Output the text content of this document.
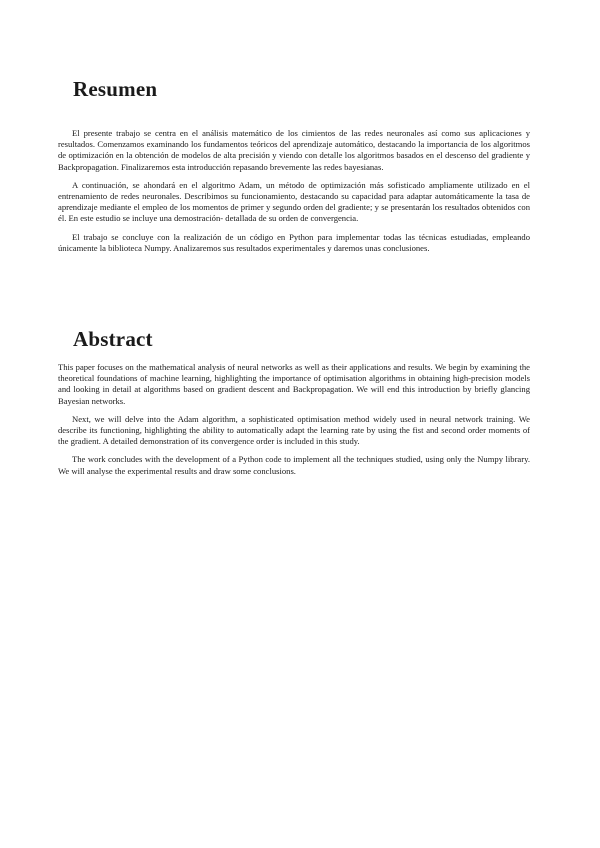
Resumen

El presente trabajo se centra en el análisis matemático de los cimientos de las redes neuronales así como sus aplicaciones y resultados. Comenzamos examinando los fundamentos teóricos del aprendizaje automático, destacando la importancia de los algoritmos de optimización en la obtención de modelos de alta precisión y viendo con detalle los algoritmos basados en el descenso del gradiente y Backpropagation. Finalizaremos esta introducción repasando brevemente las redes bayesianas.

A continuación, se ahondará en el algoritmo Adam, un método de optimización más sofisticado ampliamente utilizado en el entrenamiento de redes neuronales. Describimos su funcionamiento, destacando su capacidad para adaptar automáticamente la tasa de aprendizaje mediante el empleo de los momentos de primer y segundo orden del gradiente; y se presentarán los resultados obtenidos con él. En este estudio se incluye una demostración- detallada de su orden de convergencia.

El trabajo se concluye con la realización de un código en Python para implementar todas las técnicas estudiadas, empleando únicamente la biblioteca Numpy. Analizaremos sus resultados experimentales y daremos unas conclusiones.

Abstract

This paper focuses on the mathematical analysis of neural networks as well as their applications and results. We begin by examining the theoretical foundations of machine learning, highlighting the importance of optimisation algorithms in obtaining high-precision models and looking in detail at algorithms based on gradient descent and Backpropagation. We will end this introduction by briefly glancing Bayesian networks.

Next, we will delve into the Adam algorithm, a sophisticated optimisation method widely used in neural network training. We describe its functioning, highlighting the ability to automatically adapt the learning rate by using the fist and second order moments of the gradient. A detailed demonstration of its convergence order is included in this study.

The work concludes with the development of a Python code to implement all the techniques studied, using only the Numpy library. We will analyse the experimental results and draw some conclusions.
